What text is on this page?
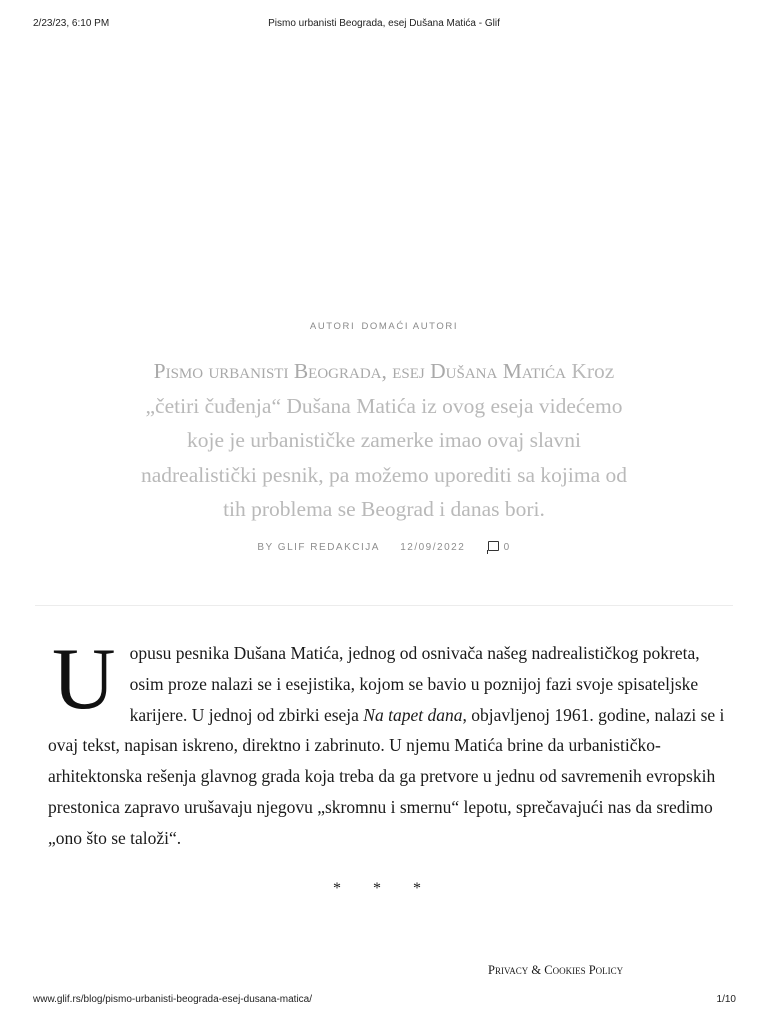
2/23/23, 6:10 PM	Pismo urbanisti Beograda, esej Dušana Matića - Glif
AUTORI DOMAĆI AUTORI
Pismo urbanisti Beograda, esej Dušana Matića Kroz „četiri čuđenja“ Dušana Matića iz ovog eseja videćemo koje je urbanističke zamerke imao ovaj slavni nadrealistički pesnik, pa možemo uporediti sa kojima od tih problema se Beograd i danas bori.
BY GLIF REDAKCIJA 12/09/2022	0
Uopusu pesnika Dušana Matića, jednog od osnivača našeg nadrealističkog pokreta, osim proze nalazi se i esejistika, kojom se bavio u poznijoj fazi svoje spisateljske karijere. U jednoj od zbirki eseja Na tapet dana, objavljenoj 1961. godine, nalazi se i ovaj tekst, napisan iskreno, direktno i zabrinuto. U njemu Matića brine da urbanističko-arhitektonska rešenja glavnog grada koja treba da ga pretvore u jednu od savremenih evropskih prestonica zapravo urušavaju njegovu „skromnu i smernu“ lepotu, sprečavajući nas da sredimo „ono što se taloži“.
* * *
Privacy & Cookies Policy
www.glif.rs/blog/pismo-urbanisti-beograda-esej-dusana-matica/	1/10
